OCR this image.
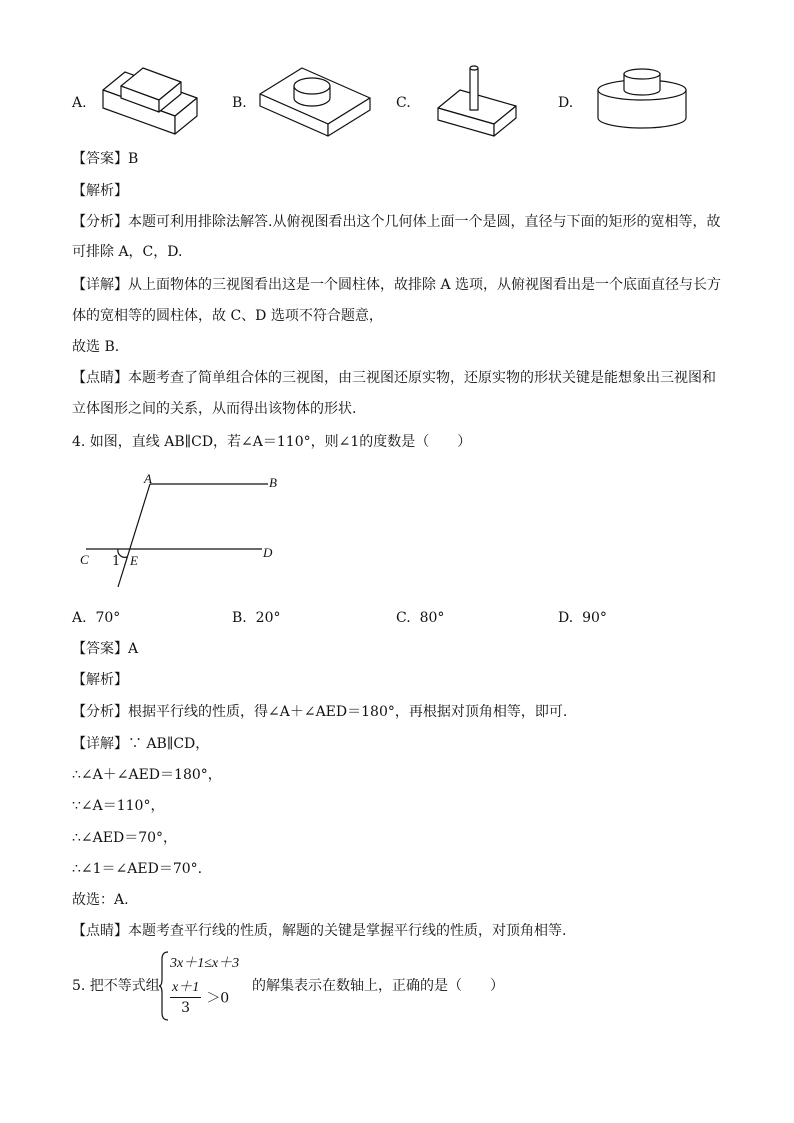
A.	B.	C.	D.
【答案】B
【解析】
【分析】本题可利用排除法解答.从俯视图看出这个几何体上面一个是圆，直径与下面的矩形的宽相等，故
可排除 A，C，D.
【详解】从上面物体的三视图看出这是一个圆柱体，故排除 A 选项，从俯视图看出是一个底面直径与长方
体的宽相等的圆柱体，故 C、D 选项不符合题意，
故选 B.
【点睛】本题考查了简单组合体的三视图，由三视图还原实物，还原实物的形状关键是能想象出三视图和
立体图形之间的关系，从而得出该物体的形状.
4. 如图，直线 AB∥CD，若∠A＝110°，则∠1的度数是（　　）
A	B
C	D
E
1
A. 70°	B. 20°	C. 80°	D. 90°
【答案】A
【解析】
【分析】根据平行线的性质，得∠A＋∠AED＝180°，再根据对顶角相等，即可.
【详解】∵ AB∥CD，
∴∠A＋∠AED＝180°，
∵∠A＝110°，
∴∠AED＝70°，
∴∠1＝∠AED＝70°.
故选：A.
【点睛】本题考查平行线的性质，解题的关键是掌握平行线的性质，对顶角相等.
5. 把不等式组
3x＋1≤x＋3
$\frac{x+1}{3} >0$
的解集表示在数轴上，正确的是（　　）
